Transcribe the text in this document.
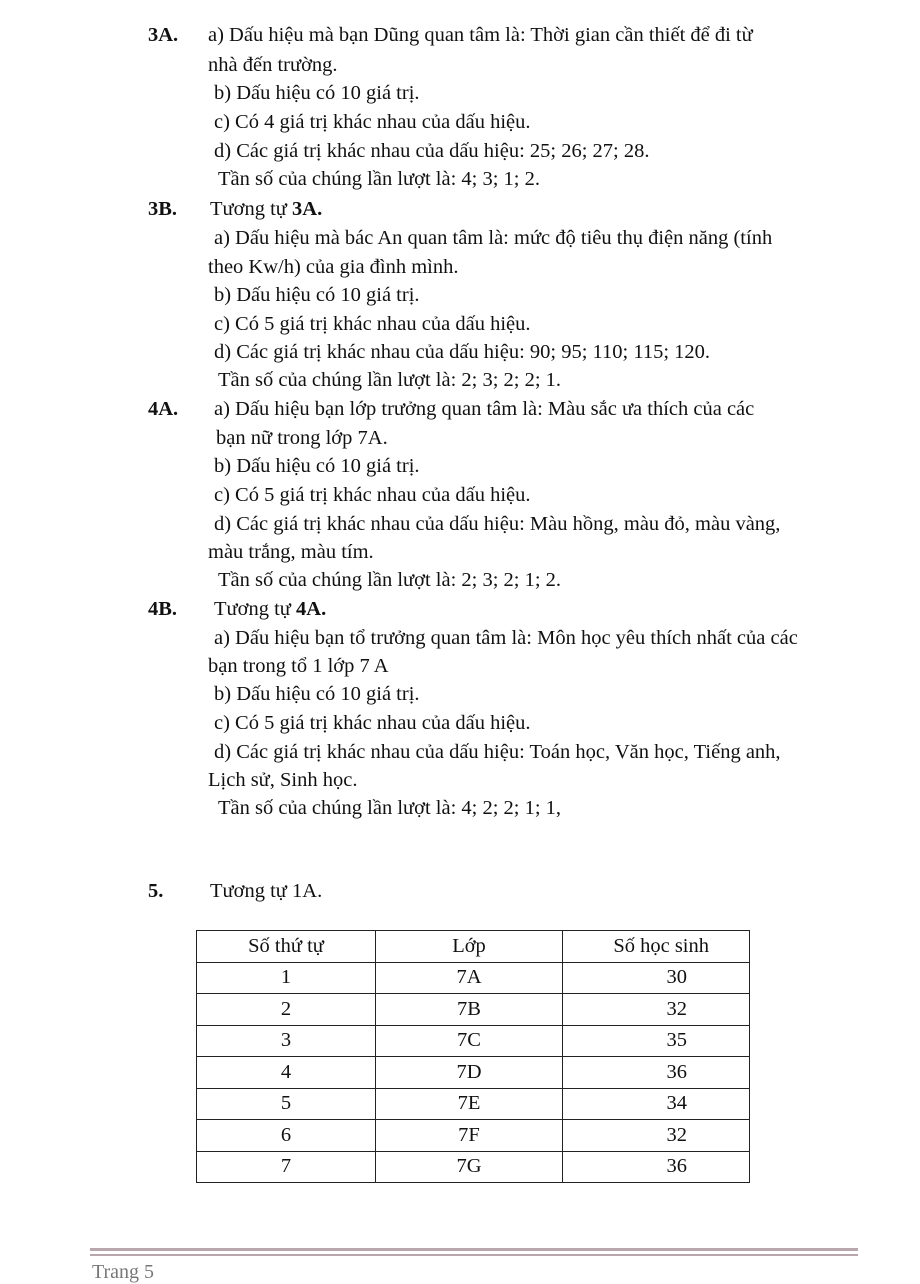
3A. a) Dấu hiệu mà bạn Dũng quan tâm là: Thời gian cần thiết để đi từ
nhà đến trường.
b) Dấu hiệu có 10 giá trị.
c) Có 4 giá trị khác nhau của dấu hiệu.
d) Các giá trị khác nhau của dấu hiệu: 25; 26; 27; 28.
Tần số của chúng lần lượt là: 4; 3; 1; 2.
3B. Tương tự 3A.
a) Dấu hiệu mà bác An quan tâm là: mức độ tiêu thụ điện năng (tính
theo Kw/h) của gia đình mình.
b) Dấu hiệu có 10 giá trị.
c) Có 5 giá trị khác nhau của dấu hiệu.
d) Các giá trị khác nhau của dấu hiệu: 90; 95; 110; 115; 120.
Tần số của chúng lần lượt là: 2; 3; 2; 2; 1.
4A. a) Dấu hiệu bạn lớp trưởng quan tâm là: Màu sắc ưa thích của các
bạn nữ trong lớp 7A.
b) Dấu hiệu có 10 giá trị.
c) Có 5 giá trị khác nhau của dấu hiệu.
d) Các giá trị khác nhau của dấu hiệu: Màu hồng, màu đỏ, màu vàng,
màu trắng, màu tím.
Tần số của chúng lần lượt là: 2; 3; 2; 1; 2.
4B. Tương tự 4A.
a) Dấu hiệu bạn tổ trưởng quan tâm là: Môn học yêu thích nhất của các
bạn trong tổ 1 lớp 7 A
b) Dấu hiệu có 10 giá trị.
c) Có 5 giá trị khác nhau của dấu hiệu.
d) Các giá trị khác nhau của dấu hiệu: Toán học, Văn học, Tiếng anh,
Lịch sử, Sinh học.
Tần số của chúng lần lượt là: 4; 2; 2; 1; 1,
5. Tương tự 1A.
Số thứ tự	Lớp	Số học sinh
1	7A	30
2	7B	32
3	7C	35
4	7D	36
5	7E	34
6	7F	32
7	7G	36
Trang 5
